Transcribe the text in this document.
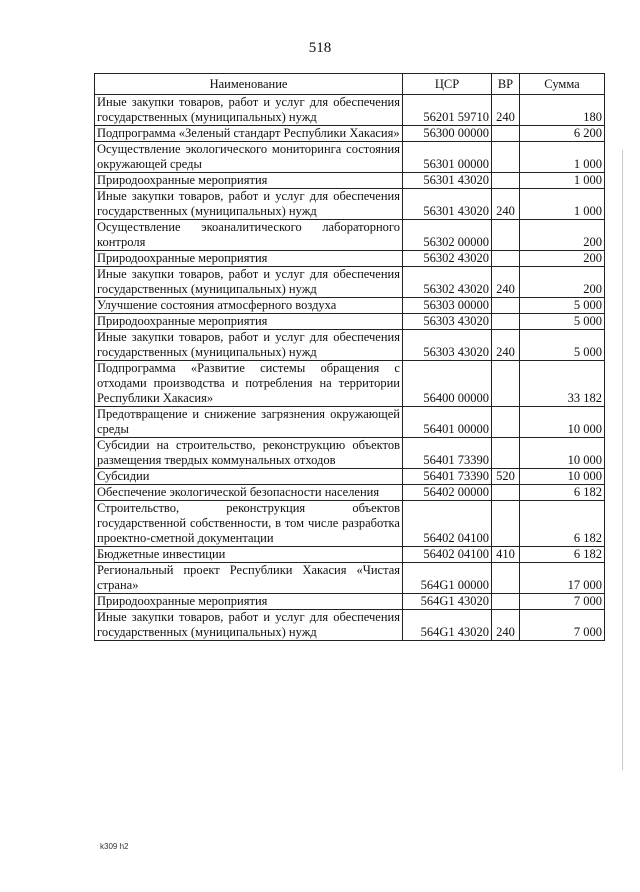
518
Наименование	ЦСР	ВР	Сумма
Иные закупки товаров, работ и услуг для обеспечения государственных (муниципальных) нужд	56201 59710	240	180
Подпрограмма «Зеленый стандарт Республики Хакасия»	56300 00000		6 200
Осуществление экологического мониторинга состояния окружающей среды	56301 00000		1 000
Природоохранные мероприятия	56301 43020		1 000
Иные закупки товаров, работ и услуг для обеспечения государственных (муниципальных) нужд	56301 43020	240	1 000
Осуществление экоаналитического лабораторного контроля	56302 00000		200
Природоохранные мероприятия	56302 43020		200
Иные закупки товаров, работ и услуг для обеспечения государственных (муниципальных) нужд	56302 43020	240	200
Улучшение состояния атмосферного воздуха	56303 00000		5 000
Природоохранные мероприятия	56303 43020		5 000
Иные закупки товаров, работ и услуг для обеспечения государственных (муниципальных) нужд	56303 43020	240	5 000
Подпрограмма «Развитие системы обращения с отходами производства и потребления на территории Республики Хакасия»	56400 00000		33 182
Предотвращение и снижение загрязнения окружающей среды	56401 00000		10 000
Субсидии на строительство, реконструкцию объектов размещения твердых коммунальных отходов	56401 73390		10 000
Субсидии	56401 73390	520	10 000
Обеспечение экологической безопасности населения	56402 00000		6 182
Строительство, реконструкция объектов государственной собственности, в том числе разработка проектно-сметной документации	56402 04100		6 182
Бюджетные инвестиции	56402 04100	410	6 182
Региональный проект Республики Хакасия «Чистая страна»	564G1 00000		17 000
Природоохранные мероприятия	564G1 43020		7 000
Иные закупки товаров, работ и услуг для обеспечения государственных (муниципальных) нужд	564G1 43020	240	7 000
k309 h2
